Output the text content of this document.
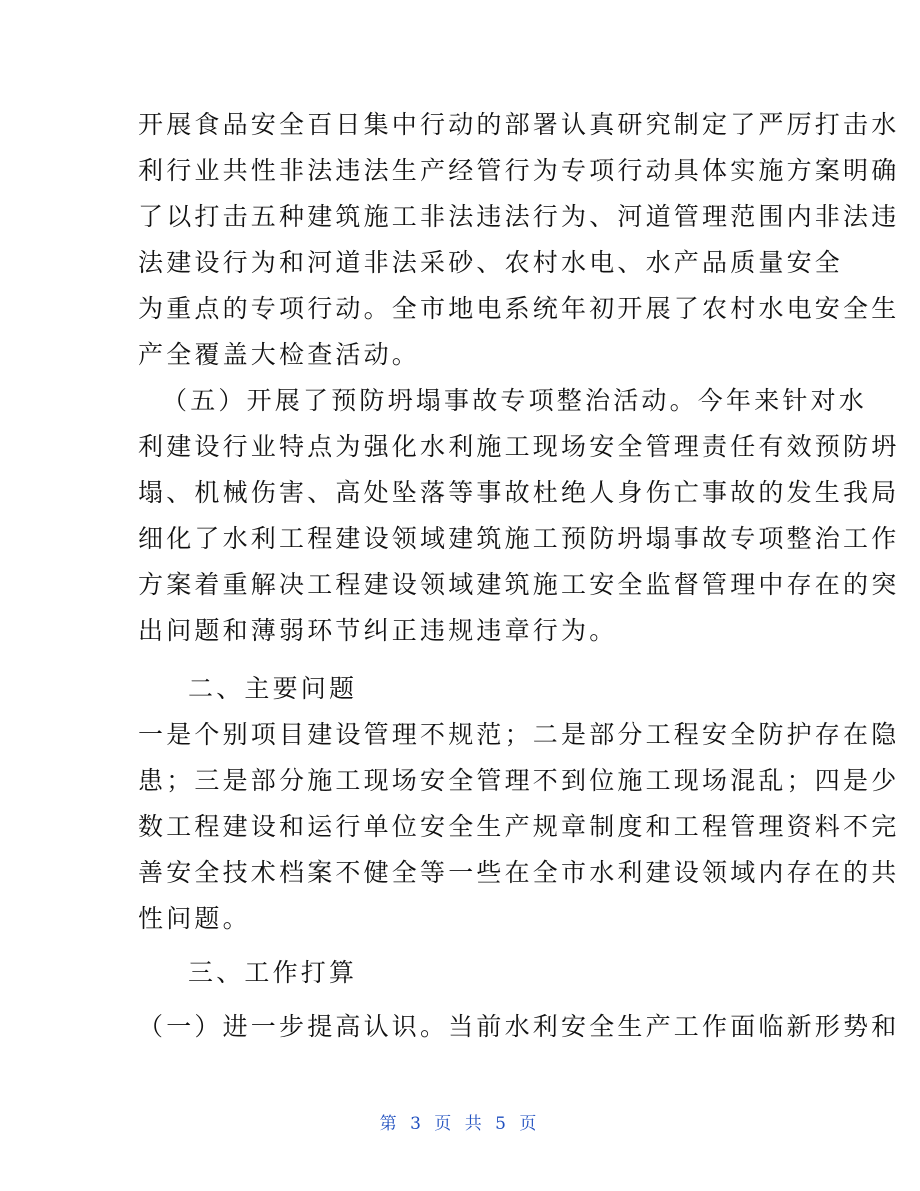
开展食品安全百日集中行动的部署认真研究制定了严厉打击水
利行业共性非法违法生产经管行为专项行动具体实施方案明确
了以打击五种建筑施工非法违法行为、河道管理范围内非法违
法建设行为和河道非法采砂、农村水电、水产品质量安全
为重点的专项行动。全市地电系统年初开展了农村水电安全生
产全覆盖大检查活动。
（五）开展了预防坍塌事故专项整治活动。今年来针对水
利建设行业特点为强化水利施工现场安全管理责任有效预防坍
塌、机械伤害、高处坠落等事故杜绝人身伤亡事故的发生我局
细化了水利工程建设领域建筑施工预防坍塌事故专项整治工作
方案着重解决工程建设领域建筑施工安全监督管理中存在的突
出问题和薄弱环节纠正违规违章行为。
二、主要问题
一是个别项目建设管理不规范；二是部分工程安全防护存在隐
患；三是部分施工现场安全管理不到位施工现场混乱；四是少
数工程建设和运行单位安全生产规章制度和工程管理资料不完
善安全技术档案不健全等一些在全市水利建设领域内存在的共
性问题。
三、工作打算
（一）进一步提高认识。当前水利安全生产工作面临新形势和
第 3 页 共 5 页
